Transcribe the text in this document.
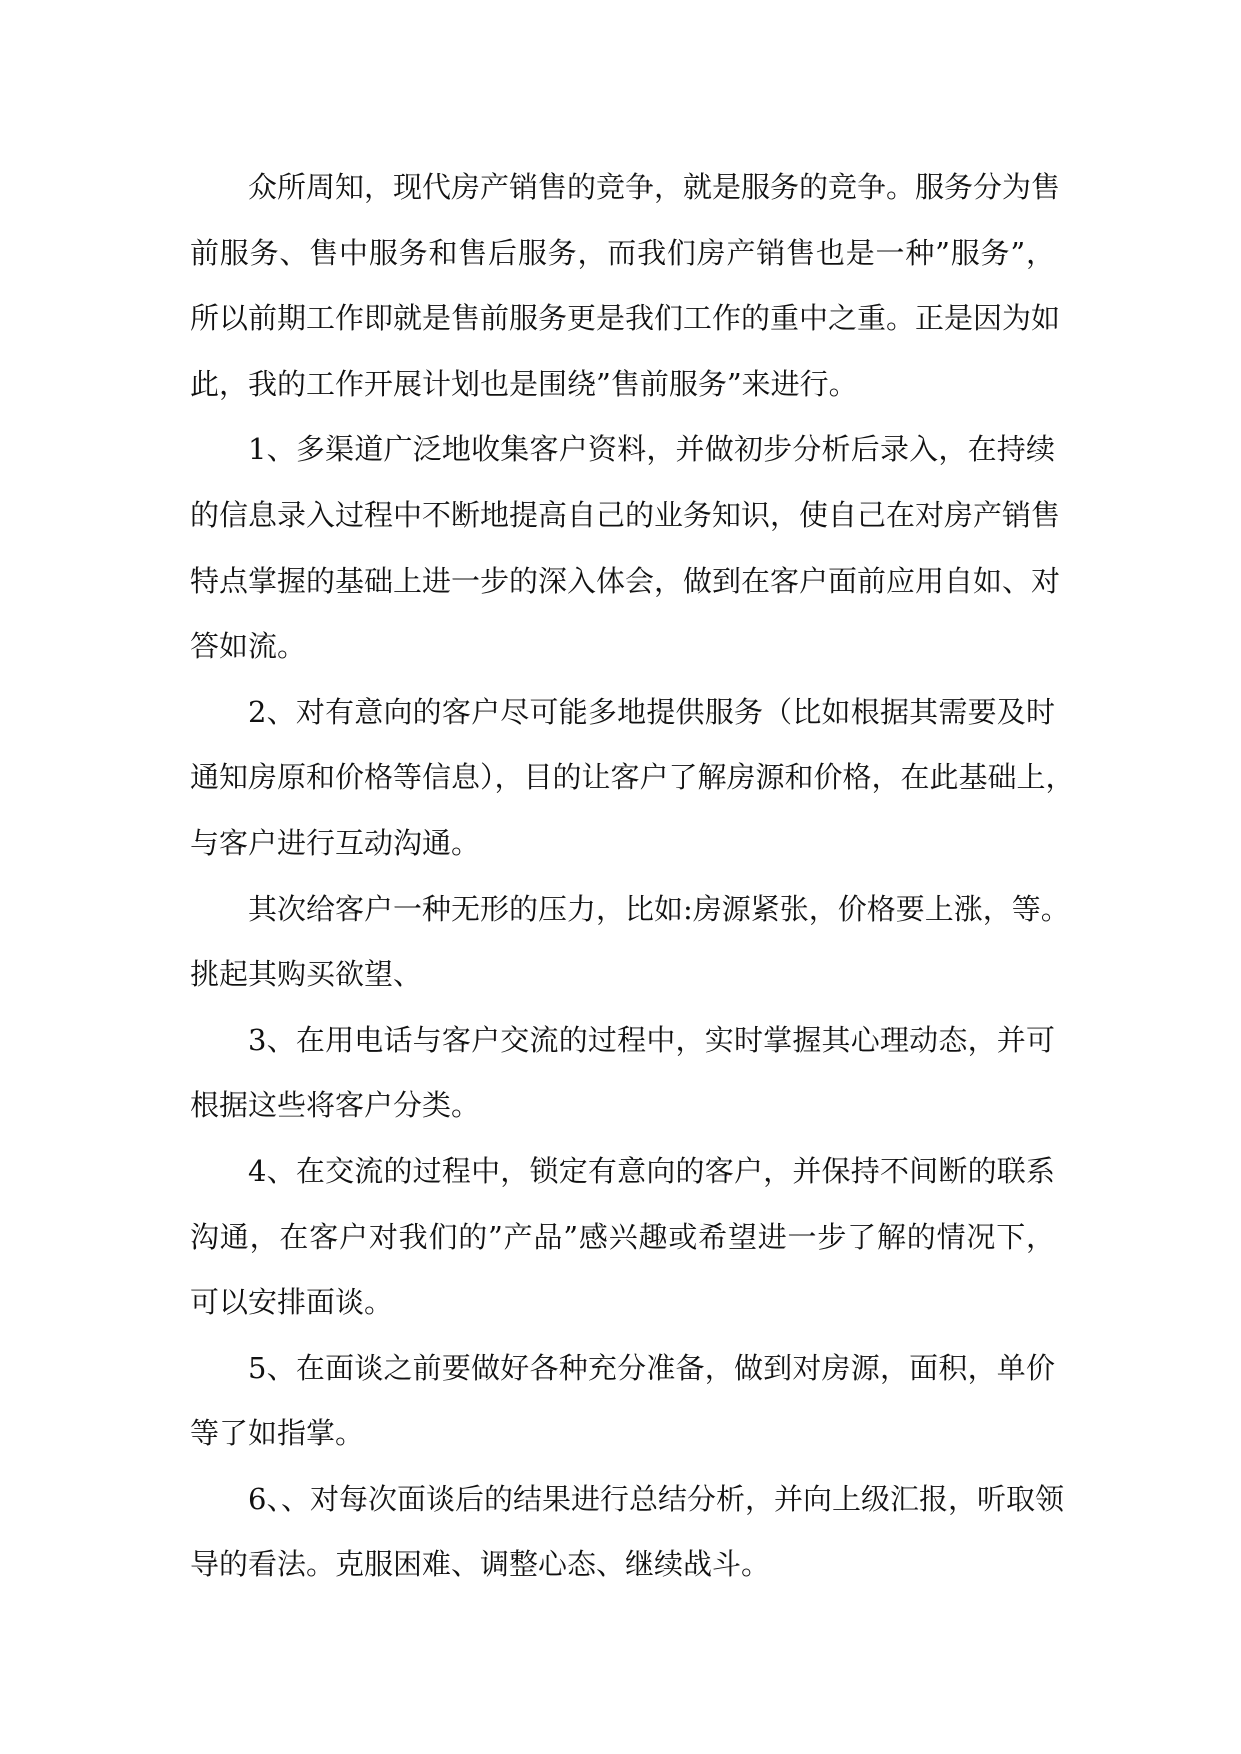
众所周知，现代房产销售的竞争，就是服务的竞争。服务分为售
前服务、售中服务和售后服务，而我们房产销售也是一种”服务”，
所以前期工作即就是售前服务更是我们工作的重中之重。正是因为如
此，我的工作开展计划也是围绕”售前服务”来进行。
1、多渠道广泛地收集客户资料，并做初步分析后录入，在持续
的信息录入过程中不断地提高自己的业务知识，使自己在对房产销售
特点掌握的基础上进一步的深入体会，做到在客户面前应用自如、对
答如流。
2、对有意向的客户尽可能多地提供服务（比如根据其需要及时
通知房原和价格等信息），目的让客户了解房源和价格，在此基础上，
与客户进行互动沟通。
其次给客户一种无形的压力，比如:房源紧张，价格要上涨，等。
挑起其购买欲望、
3、在用电话与客户交流的过程中，实时掌握其心理动态，并可
根据这些将客户分类。
4、在交流的过程中，锁定有意向的客户，并保持不间断的联系
沟通，在客户对我们的”产品”感兴趣或希望进一步了解的情况下，
可以安排面谈。
5、在面谈之前要做好各种充分准备，做到对房源，面积，单价
等了如指掌。
6、、对每次面谈后的结果进行总结分析，并向上级汇报，听取领
导的看法。克服困难、调整心态、继续战斗。
